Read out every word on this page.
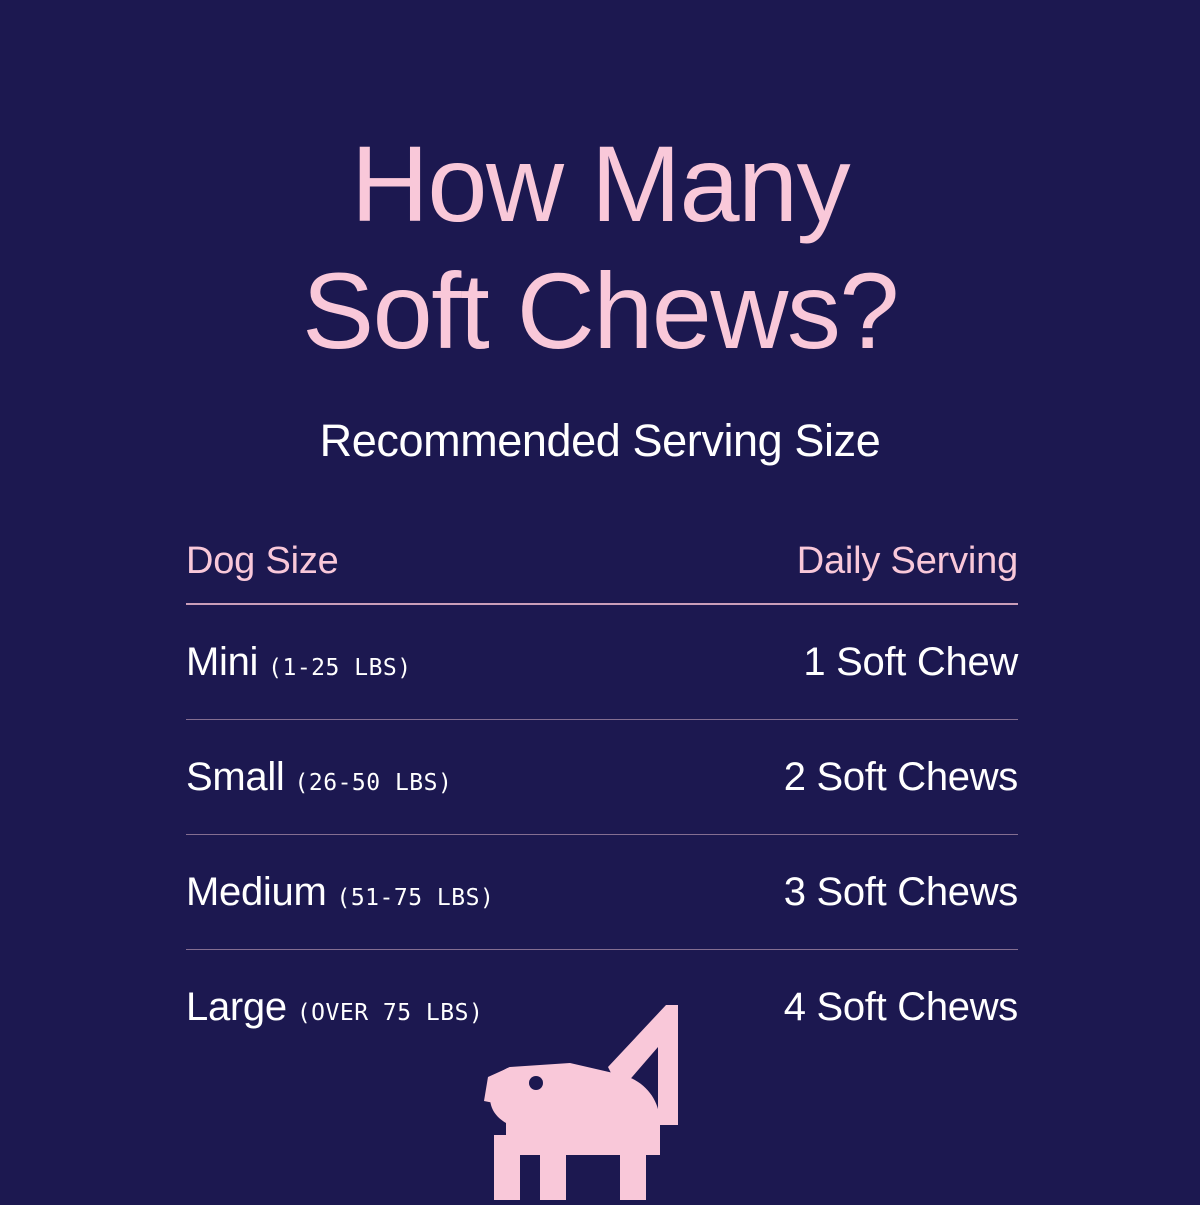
How Many
Soft Chews?
Recommended Serving Size
Dog Size	Daily Serving
Mini (1-25 LBS)	1 Soft Chew
Small (26-50 LBS)	2 Soft Chews
Medium (51-75 LBS)	3 Soft Chews
Large (OVER 75 LBS)	4 Soft Chews
